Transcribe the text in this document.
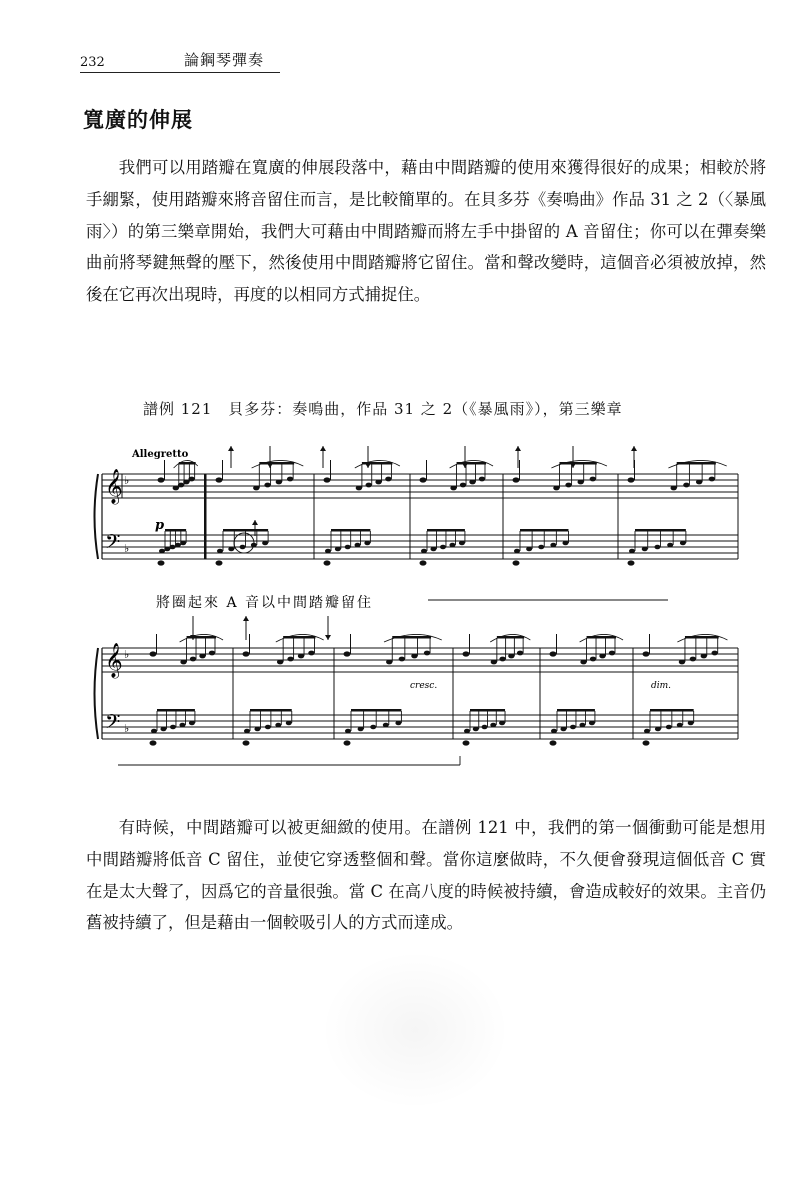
232	論鋼琴彈奏
寬廣的伸展

我們可以用踏瓣在寬廣的伸展段落中，藉由中間踏瓣的使用來獲得很好的成果；相較於將手綳緊，使用踏瓣來將音留住而言，是比較簡單的。在貝多芬《奏鳴曲》作品 31 之 2（〈暴風雨〉）的第三樂章開始，我們大可藉由中間踏瓣而將左手中掛留的 A 音留住；你可以在彈奏樂曲前將琴鍵無聲的壓下，然後使用中間踏瓣將它留住。當和聲改變時，這個音必須被放掉，然後在它再次出現時，再度的以相同方式捕捉住。

譜例 121 貝多芬：奏鳴曲，作品 31 之 2（《暴風雨》），第三樂章
𝄞
𝄢
♭
♭
𝄞
𝄢
♭
♭
Allegretto
p
將圈起來 A 音以中間踏瓣留住
cresc.	dim.

有時候，中間踏瓣可以被更細緻的使用。在譜例 121 中，我們的第一個衝動可能是想用中間踏瓣將低音 C 留住，並使它穿透整個和聲。當你這麼做時，不久便會發現這個低音 C 實在是太大聲了，因爲它的音量很強。當 C 在高八度的時候被持續，會造成較好的效果。主音仍舊被持續了，但是藉由一個較吸引人的方式而達成。
